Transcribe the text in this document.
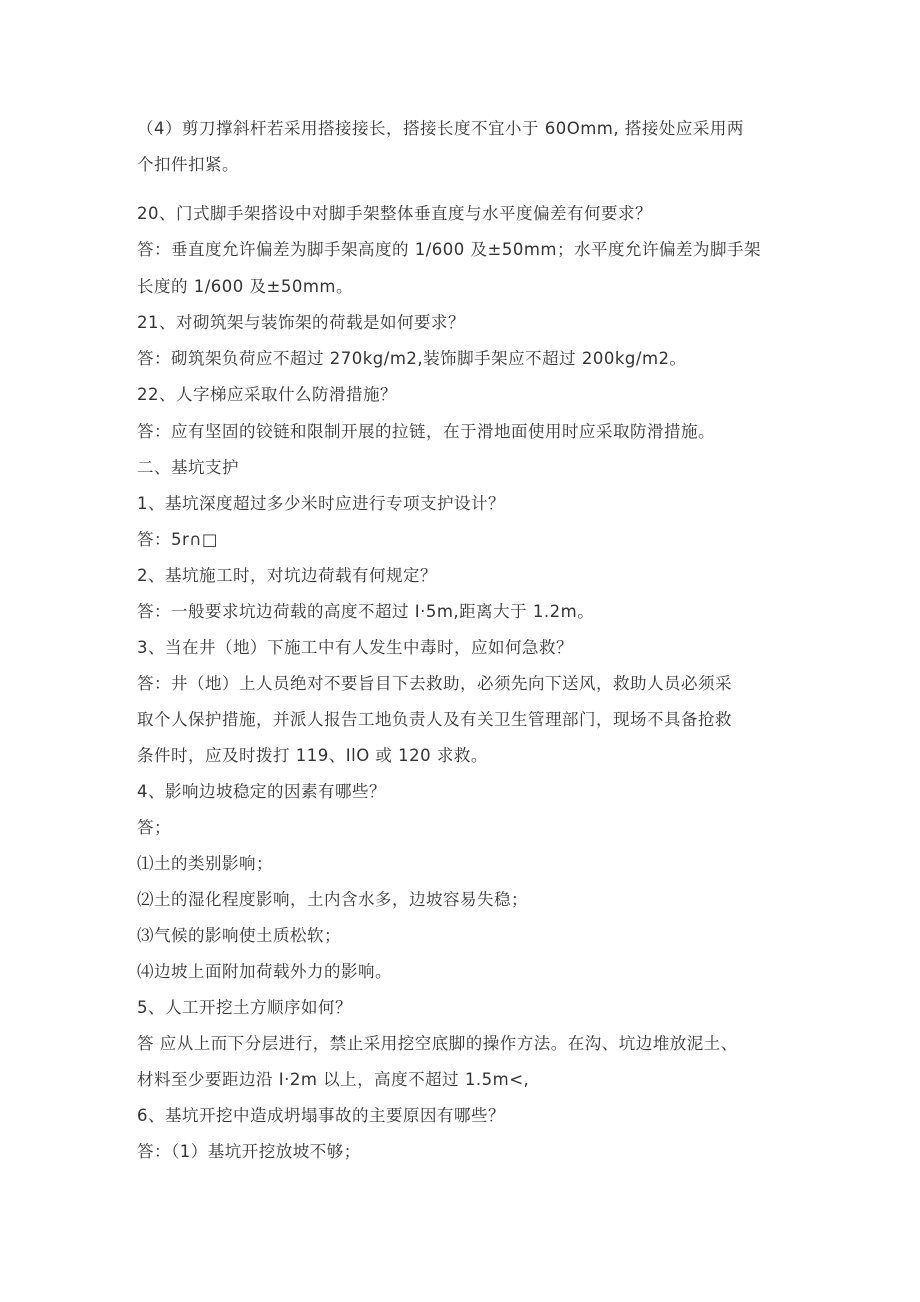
（4）剪刀撑斜杆若采用搭接接长，搭接长度不宜小于 60Omm, 搭接处应采用两
个扣件扣紧。
20、门式脚手架搭设中对脚手架整体垂直度与水平度偏差有何要求？
答：垂直度允许偏差为脚手架高度的 1/600 及±50mm；水平度允许偏差为脚手架
长度的 1/600 及±50mm。
21、对砌筑架与装饰架的荷载是如何要求？
答：砌筑架负荷应不超过 270kg/m2,装饰脚手架应不超过 200kg/m2。
22、人字梯应采取什么防滑措施？
答：应有坚固的铰链和限制开展的拉链，在于滑地面使用时应采取防滑措施。
二、基坑支护
1、基坑深度超过多少米时应进行专项支护设计？
答：5r∩□
2、基坑施工时，对坑边荷载有何规定？
答：一般要求坑边荷载的高度不超过 I·5m,距离大于 1.2m。
3、当在井（地）下施工中有人发生中毒时，应如何急救？
答：井（地）上人员绝对不要旨目下去救助，必须先向下送风，救助人员必须采
取个人保护措施，并派人报告工地负责人及有关卫生管理部门，现场不具备抢救
条件时，应及时拨打 119、IlO 或 120 求救。
4、影响边坡稳定的因素有哪些？
答；
⑴土的类别影响；
⑵土的湿化程度影响，土内含水多，边坡容易失稳；
⑶气候的影响使土质松软；
⑷边坡上面附加荷载外力的影响。
5、人工开挖土方顺序如何？
答 应从上而下分层进行，禁止采用挖空底脚的操作方法。在沟、坑边堆放泥土、
材料至少要距边沿 I·2m 以上，高度不超过 1.5m<,
6、基坑开挖中造成坍塌事故的主要原因有哪些？
答：（1）基坑开挖放坡不够；
